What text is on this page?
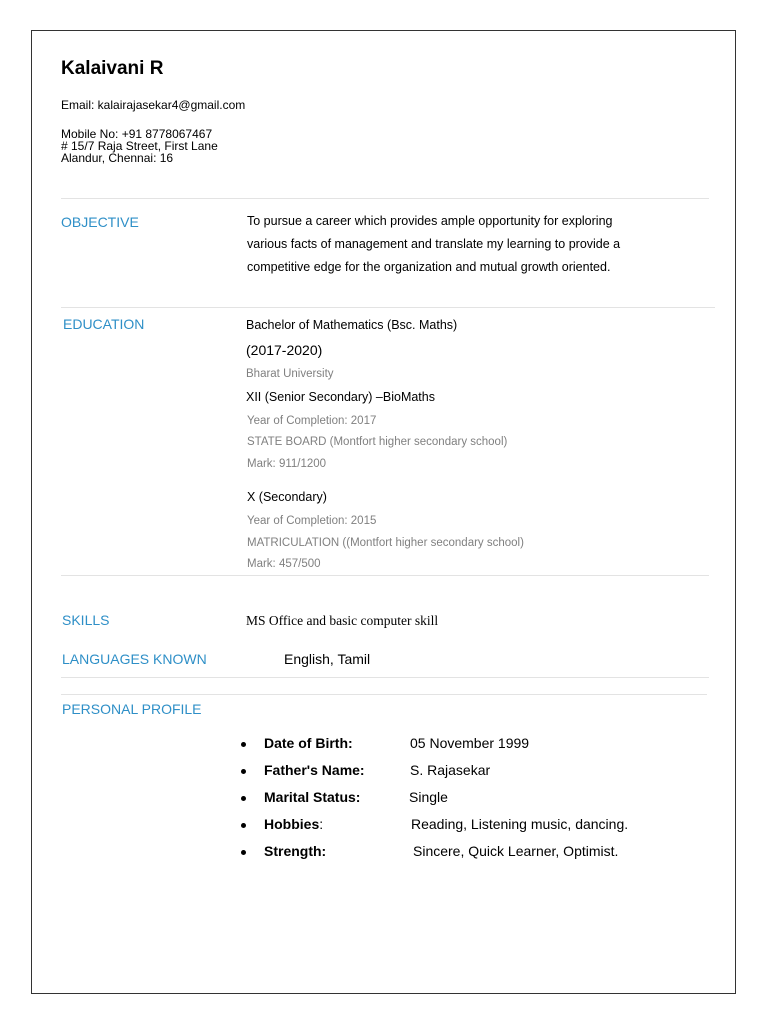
Kalaivani R
Email: kalairajasekar4@gmail.com
Mobile No: +91 8778067467
# 15/7 Raja Street, First Lane
Alandur, Chennai: 16
OBJECTIVE	To pursue a career which provides ample opportunity for exploring
various facts of management and translate my learning to provide a
competitive edge for the organization and mutual growth oriented.
EDUCATION	Bachelor of Mathematics (Bsc. Maths)
(2017-2020)
Bharat University
XII (Senior Secondary) –BioMaths
Year of Completion: 2017
STATE BOARD (Montfort higher secondary school)
Mark: 911/1200
X (Secondary)
Year of Completion: 2015
MATRICULATION ((Montfort higher secondary school)
Mark: 457/500
SKILLS	MS Office and basic computer skill
LANGUAGES KNOWN	English, Tamil
PERSONAL PROFILE
Date of Birth:	05 November 1999
Father's Name:	S. Rajasekar
Marital Status:	Single
Hobbies:	Reading, Listening music, dancing.
Strength:	Sincere, Quick Learner, Optimist.
